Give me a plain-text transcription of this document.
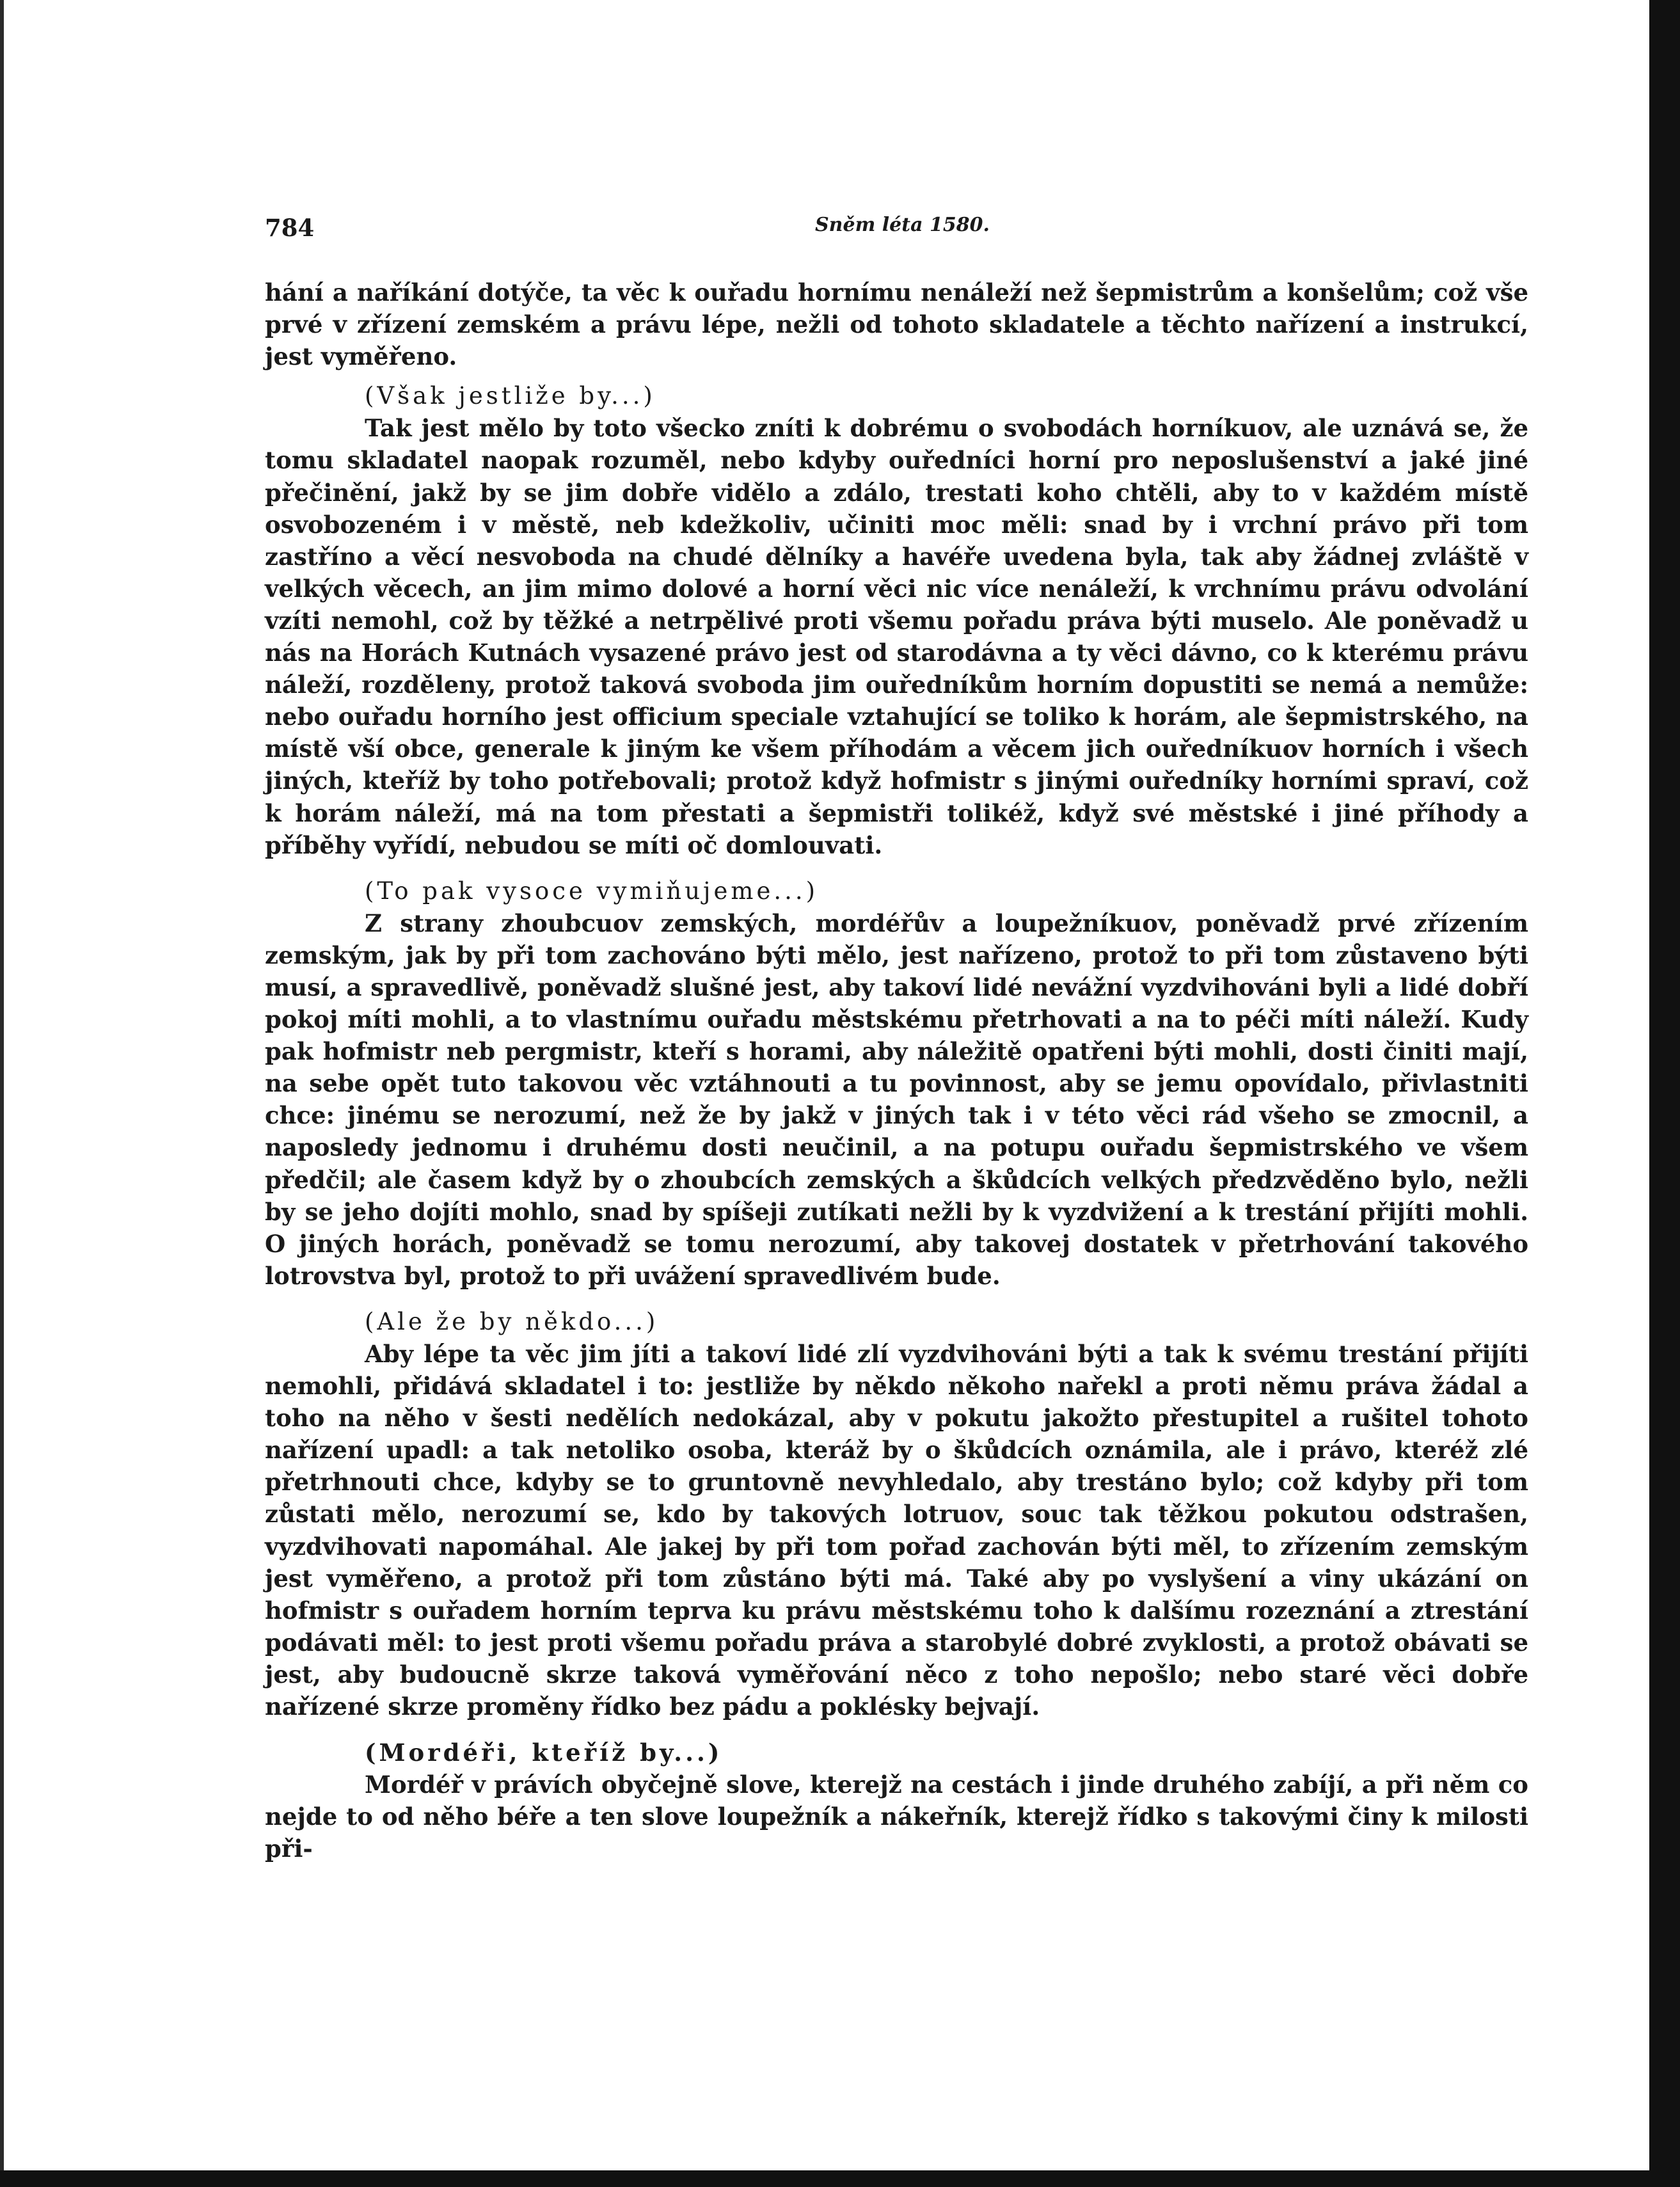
784	Sněm léta 1580.

hání a naříkání dotýče, ta věc k ouřadu hornímu nenáleží než šepmistrům a konšelům; což vše prvé v zřízení zemském a právu lépe, nežli od tohoto skladatele a těchto nařízení a instrukcí, jest vyměřeno.

(Však jestliže by...)

Tak jest mělo by toto všecko zníti k dobrému o svobodách horníkuov, ale uznává se, že tomu skladatel naopak rozuměl, nebo kdyby ouředníci horní pro neposlušenství a jaké jiné přečinění, jakž by se jim dobře vidělo a zdálo, trestati koho chtěli, aby to v každém místě osvobozeném i v městě, neb kdežkoliv, učiniti moc měli: snad by i vrchní právo při tom zastříno a věcí nesvoboda na chudé dělníky a havéře uvedena byla, tak aby žádnej zvláště v velkých věcech, an jim mimo dolové a horní věci nic více nenáleží, k vrchnímu právu odvolání vzíti nemohl, což by těžké a netrpělivé proti všemu pořadu práva býti muselo. Ale poněvadž u nás na Horách Kutnách vysazené právo jest od starodávna a ty věci dávno, co k kterému právu náleží, rozděleny, protož taková svoboda jim ouředníkům horním dopustiti se nemá a nemůže: nebo ouřadu horního jest officium speciale vztahující se toliko k horám, ale šepmistrského, na místě vší obce, generale k jiným ke všem příhodám a věcem jich ouředníkuov horních i všech jiných, kteříž by toho potřebovali; protož když hofmistr s jinými ouředníky horními spraví, což k horám náleží, má na tom přestati a šepmistři tolikéž, když své městské i jiné příhody a příběhy vyřídí, nebudou se míti oč domlouvati.

(To pak vysoce vymiňujeme...)

Z strany zhoubcuov zemských, mordéřův a loupežníkuov, poněvadž prvé zřízením zemským, jak by při tom zachováno býti mělo, jest nařízeno, protož to při tom zůstaveno býti musí, a spravedlivě, poněvadž slušné jest, aby takoví lidé nevážní vyzdvihováni byli a lidé dobří pokoj míti mohli, a to vlastnímu ouřadu městskému přetrhovati a na to péči míti náleží. Kudy pak hofmistr neb pergmistr, kteří s horami, aby náležitě opatřeni býti mohli, dosti činiti mají, na sebe opět tuto takovou věc vztáhnouti a tu povinnost, aby se jemu opovídalo, přivlastniti chce: jinému se nerozumí, než že by jakž v jiných tak i v této věci rád všeho se zmocnil, a naposledy jednomu i druhému dosti neučinil, a na potupu ouřadu šepmistrského ve všem předčil; ale časem když by o zhoubcích zemských a škůdcích velkých předzvěděno bylo, nežli by se jeho dojíti mohlo, snad by spíšeji zutíkati nežli by k vyzdvižení a k trestání přijíti mohli. O jiných horách, poněvadž se tomu nerozumí, aby takovej dostatek v přetrhování takového lotrovstva byl, protož to při uvážení spravedlivém bude.

(Ale že by někdo...)

Aby lépe ta věc jim jíti a takoví lidé zlí vyzdvihováni býti a tak k svému trestání přijíti nemohli, přidává skladatel i to: jestliže by někdo někoho nařekl a proti němu práva žádal a toho na něho v šesti nedělích nedokázal, aby v pokutu jakožto přestupitel a rušitel tohoto nařízení upadl: a tak netoliko osoba, kteráž by o škůdcích oznámila, ale i právo, kteréž zlé přetrhnouti chce, kdyby se to gruntovně nevyhledalo, aby trestáno bylo; což kdyby při tom zůstati mělo, nerozumí se, kdo by takových lotruov, souc tak těžkou pokutou odstrašen, vyzdvihovati napomáhal. Ale jakej by při tom pořad zachován býti měl, to zřízením zemským jest vyměřeno, a protož při tom zůstáno býti má. Také aby po vyslyšení a viny ukázání on hofmistr s ouřadem horním teprva ku právu městskému toho k dalšímu rozeznání a ztrestání podávati měl: to jest proti všemu pořadu práva a starobylé dobré zvyklosti, a protož obávati se jest, aby budoucně skrze taková vyměřování něco z toho nepošlo; nebo staré věci dobře nařízené skrze proměny řídko bez pádu a poklésky bejvají.

(Mordéři, kteříž by...)

Mordéř v právích obyčejně slove, kterejž na cestách i jinde druhého zabíjí, a při něm co nejde to od něho béře a ten slove loupežník a nákeřník, kterejž řídko s takovými činy k milosti při-
